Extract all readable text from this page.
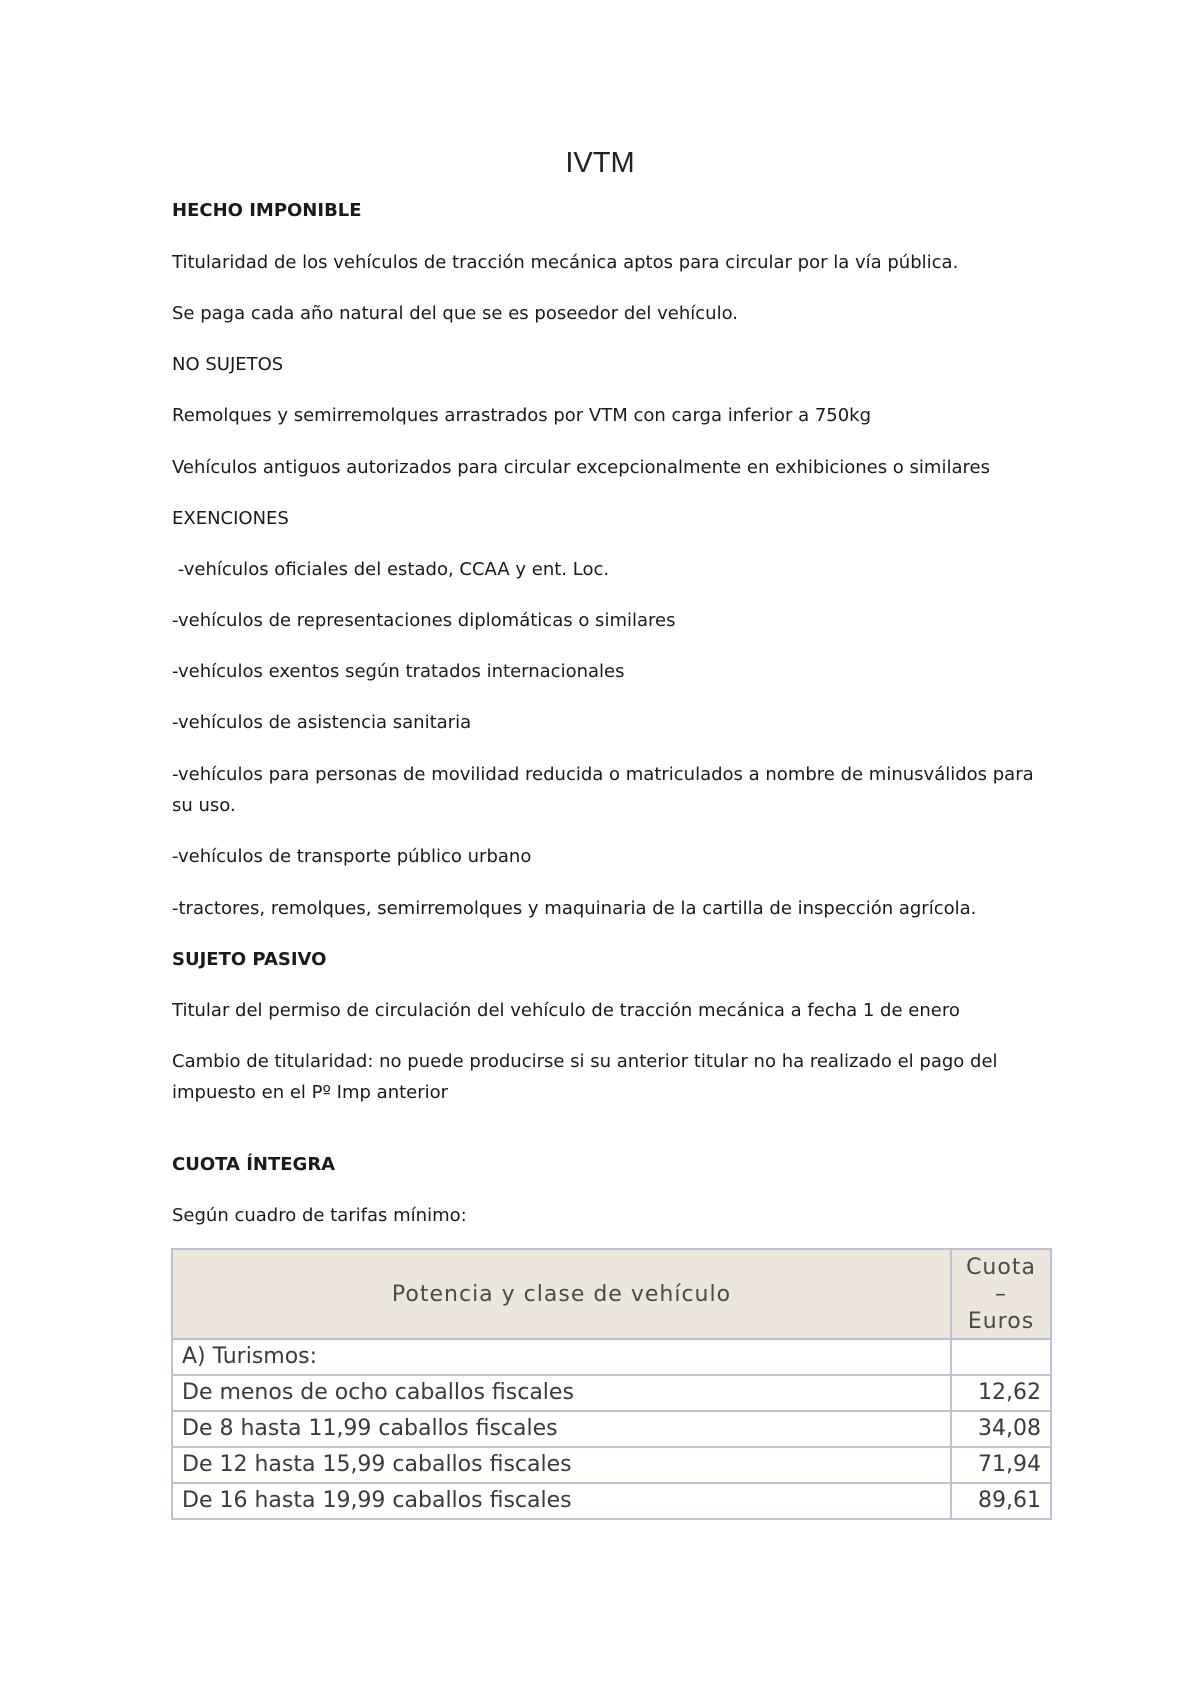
IVTM
HECHO IMPONIBLE
Titularidad de los vehículos de tracción mecánica aptos para circular por la vía pública.
Se paga cada año natural del que se es poseedor del vehículo.
NO SUJETOS
Remolques y semirremolques arrastrados por VTM con carga inferior a 750kg
Vehículos antiguos autorizados para circular excepcionalmente en exhibiciones o similares
EXENCIONES
-vehículos oficiales del estado, CCAA y ent. Loc.
-vehículos de representaciones diplomáticas o similares
-vehículos exentos según tratados internacionales
-vehículos de asistencia sanitaria
-vehículos para personas de movilidad reducida o matriculados a nombre de minusválidos para su uso.
-vehículos de transporte público urbano
-tractores, remolques, semirremolques y maquinaria de la cartilla de inspección agrícola.
SUJETO PASIVO
Titular del permiso de circulación del vehículo de tracción mecánica a fecha 1 de enero
Cambio de titularidad: no puede producirse si su anterior titular no ha realizado el pago del impuesto en el Pº Imp anterior
CUOTA ÍNTEGRA
Según cuadro de tarifas mínimo:
Potencia y clase de vehículo	Cuota
–
Euros

A) Turismos:	
De menos de ocho caballos fiscales	12,62
De 8 hasta 11,99 caballos fiscales	34,08
De 12 hasta 15,99 caballos fiscales	71,94
De 16 hasta 19,99 caballos fiscales	89,61
